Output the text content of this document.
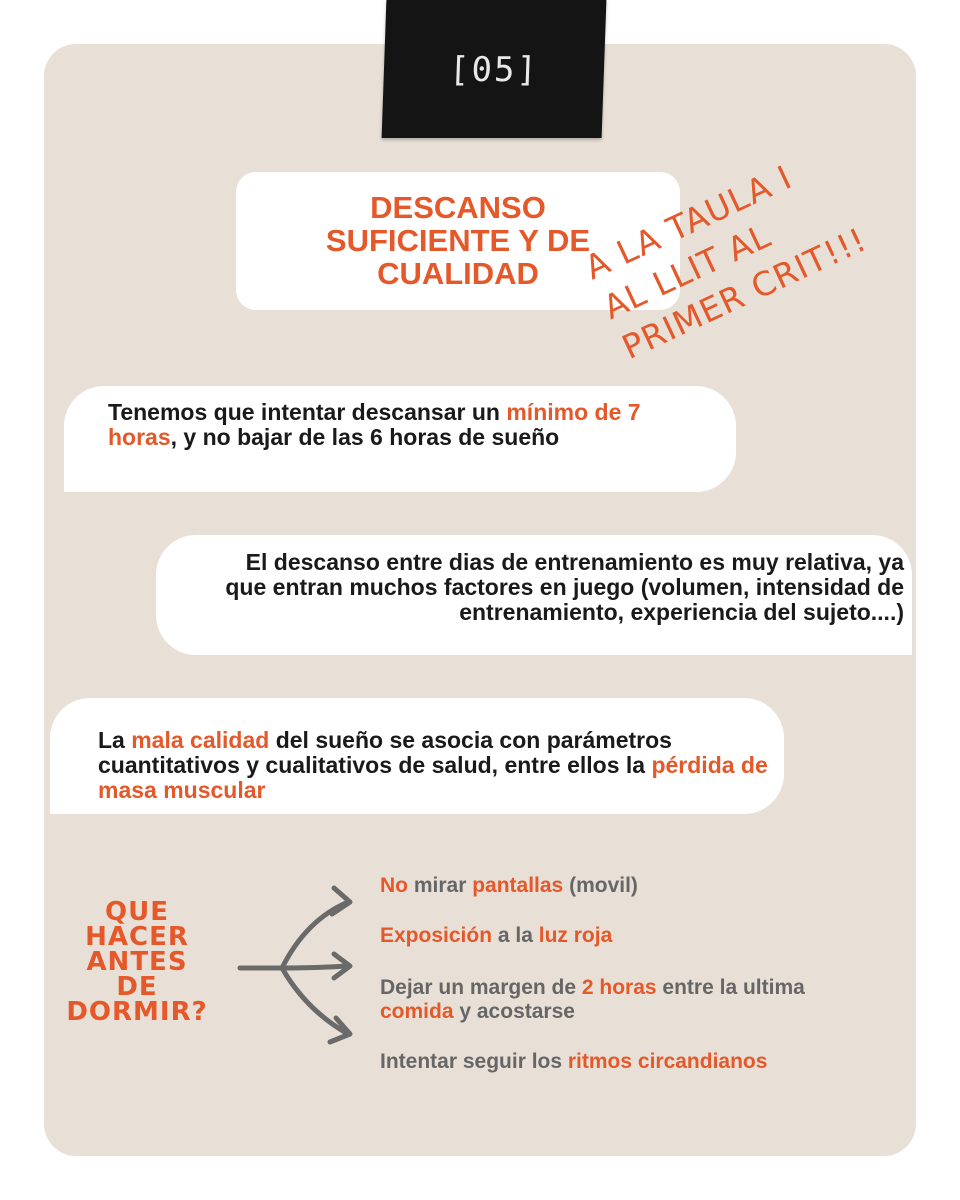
[05]
DESCANSO
SUFICIENTE Y DE
CUALIDAD	A LA TAULA I
AL LLIT AL
PRIMER CRIT!!!
Tenemos que intentar descansar un mínimo de 7 horas, y no bajar de las 6 horas de sueño
El descanso entre dias de entrenamiento es muy relativa, ya que entran muchos factores en juego (volumen, intensidad de entrenamiento, experiencia del sujeto....)
La mala calidad del sueño se asocia con parámetros cuantitativos y cualitativos de salud, entre ellos la pérdida de masa muscular
QUE
HACER
ANTES
DE
DORMIR?
No mirar pantallas (movil)
Exposición a la luz roja
Dejar un margen de 2 horas entre la ultima comida y acostarse
Intentar seguir los ritmos circandianos
